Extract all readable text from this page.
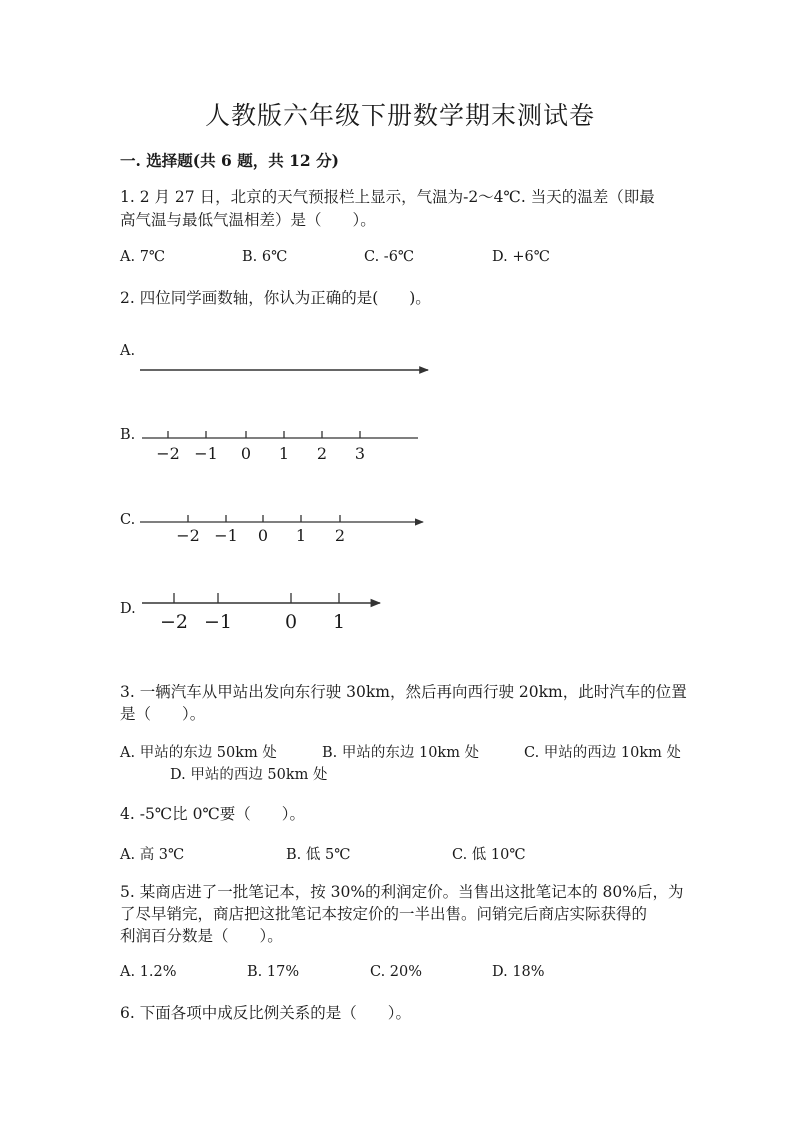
人教版六年级下册数学期末测试卷
一. 选择题(共 6 题，共 12 分)
1. 2 月 27 日，北京的天气预报栏上显示，气温为-2～4℃. 当天的温差（即最
高气温与最低气温相差）是（　　）。
A. 7℃	B. 6℃	C. -6℃	D. +6℃
2. 四位同学画数轴，你认为正确的是(　　)。
A.
B.
C.
D.
−2 −1 0 1 2 3
−2 −1 0 1 2
−2 −1	0 1
3. 一辆汽车从甲站出发向东行驶 30km，然后再向西行驶 20km，此时汽车的位置
是（　　）。
A. 甲站的东边 50km 处	B. 甲站的东边 10km 处	C. 甲站的西边 10km 处
D. 甲站的西边 50km 处
4. -5℃比 0℃要（　　）。
A. 高 3℃	B. 低 5℃	C. 低 10℃
5. 某商店进了一批笔记本，按 30%的利润定价。当售出这批笔记本的 80%后，为
了尽早销完，商店把这批笔记本按定价的一半出售。问销完后商店实际获得的
利润百分数是（　　）。
A. 1.2%	B. 17%	C. 20%	D. 18%
6. 下面各项中成反比例关系的是（　　）。
